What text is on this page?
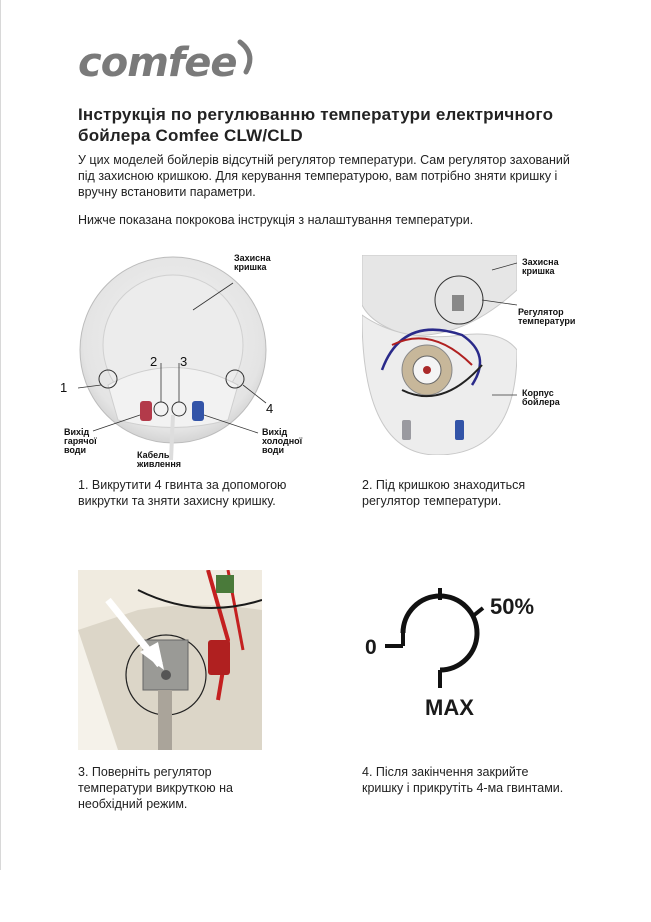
comfee
Інструкція по регулюванню температури електричного бойлера Comfee CLW/CLD
У цих моделей бойлерів відсутній регулятор температури. Сам регулятор захований під захисною кришкою. Для керування температурою, вам потрібно зняти кришку і вручну встановити параметри.
Нижче показана покрокова інструкція з налаштування температури.
Захисна кришка
1
2 3
4
Вихід гарячої води
Вихід холодної води
Кабель живлення
Захисна кришка
Регулятор температури
Корпус бойлера
1. Викрутити 4 гвинта за допомогою викрутки та зняти захисну кришку.
2. Під кришкою знаходиться регулятор температури.
0
50%
MAX
3. Поверніть регулятор температури викруткою на необхідний режим.
4. Після закінчення закрийте кришку і прикрутіть 4-ма гвинтами.
